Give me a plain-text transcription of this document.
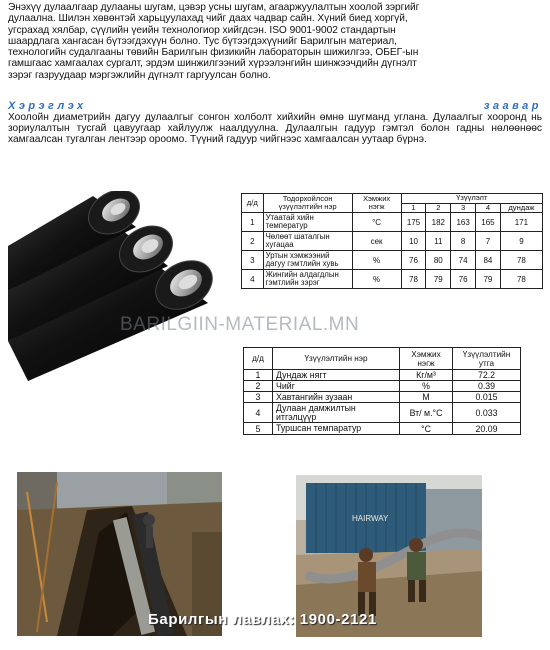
Энэхүү дулаалгаар дулааны шугам, цэвэр усны шугам, агааржуулалтын хоолой зэргийг
дулаална. Шилэн хөвөнтэй харьцуулахад чийг даах чадвар сайн. Хүний биед хоргүй,
угсрахад хялбар, сүүлийн үеийн технологиор хийгдсэн. ISO 9001-9002 стандартын
шаардлага хангасан бүтээгдэхүүн болно. Тус бүтээгдэхүүнийг Барилгын материал,
технологийн судалгааны төвийн Барилгын физикийн лабораторын шижилгээ, ОБЕГ-ын
гамшгаас хамгаалах сургалт, эрдэм шинжилгээний хүрээлэнгийн шинжээчдийн дүгнэлт
зэрэг газруудаар мэргэжлийн дүгнэлт гаргуулсан болно.
Хэрэглэх	заавар
Хоолойн диаметрийн дагуу дулаалгыг сонгон холболт хийхийн өмнө шугманд углана. Дулаалгыг хооронд нь зориулалтын тусгай цавуугаар хайлуулж наалдуулна. Дулаалгын гадуур гэмтэл болон гадны нөлөөнөөс хамгаалсан тугалган лентээр ороомо. Түүний гадуур чийгнээс хамгаалсан уутаар бүрнэ.
д/д	Тодорхойлсон үзүүлэлтийн нэр	Хэмжих нэгж	Үзүүлэлт				
			1	2	3	4	дундаж
1	Утаатай хийн температур	°C	175	182	163	165	171
2	Чөлөөт шаталгын хугацаа	сек	10	11	8	7	9
3	Уртын хэмжээний дагуу гэмтлийн хувь	%	76	80	74	84	78
4	Жингийн алдагдлын гэмтлийн зэрэг	%	78	79	76	79	78
BARILGIIN-MATERIAL.MN
д/д	Үзүүлэлтийн нэр	Хэмжих нэгж	Үзүүлэлтийн утга
1	Дундаж нягт	Кг/м³	72.2
2	Чийг	%	0.39
3	Хавтангийн зузаан	М	0.015
4	Дулаан дамжилтын итгэлцүүр	Вт/ м.°C	0.033
5	Туршсан темпаратур	°C	20.09
HAIRWAY
Барилгын лавлах: 1900-2121
